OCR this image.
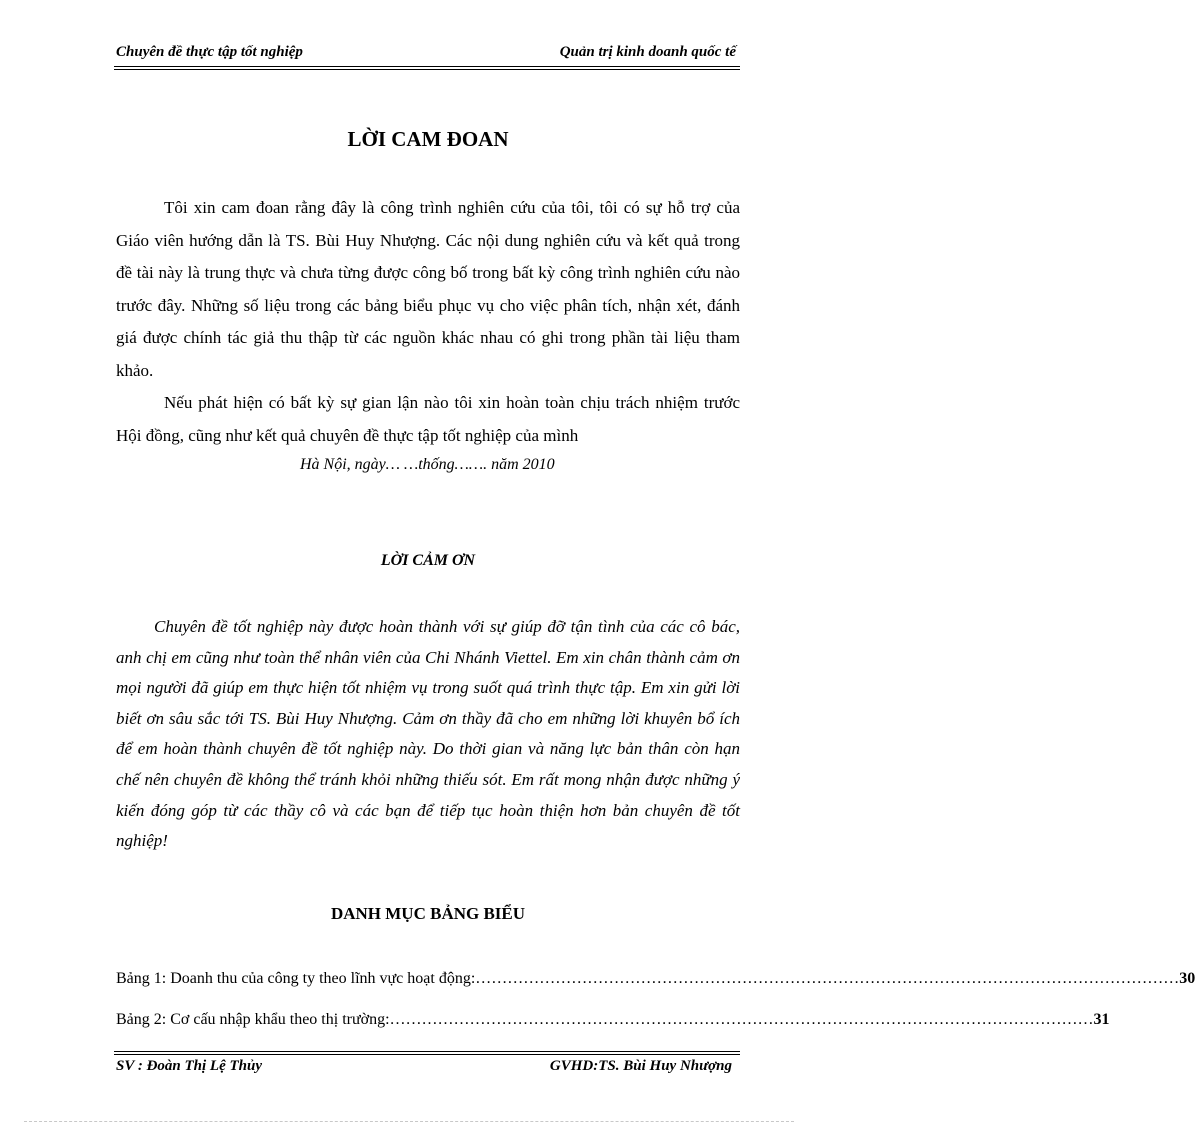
Chuyên đề thực tập tốt nghiệp	Quản trị kinh doanh quốc tế
LỜI CAM ĐOAN
Tôi xin cam đoan rằng đây là công trình nghiên cứu của tôi, tôi có sự hỗ trợ của Giáo viên hướng dẫn là TS. Bùi Huy Nhượng. Các nội dung nghiên cứu và kết quả trong đề tài này là trung thực và chưa từng được công bố trong bất kỳ công trình nghiên cứu nào trước đây. Những số liệu trong các bảng biểu phục vụ cho việc phân tích, nhận xét, đánh giá được chính tác giả thu thập từ các nguồn khác nhau có ghi trong phần tài liệu tham khảo.
Nếu phát hiện có bất kỳ sự gian lận nào tôi xin hoàn toàn chịu trách nhiệm trước Hội đồng, cũng như kết quả chuyên đề thực tập tốt nghiệp của mình
Hà Nội, ngày… …thống……. năm 2010
LỜI CẢM ƠN
Chuyên đề tốt nghiệp này được hoàn thành với sự giúp đỡ tận tình của các cô bác, anh chị em cũng như toàn thể nhân viên của Chi Nhánh Viettel. Em xin chân thành cảm ơn mọi người đã giúp em thực hiện tốt nhiệm vụ trong suốt quá trình thực tập. Em xin gửi lời biết ơn sâu sắc tới TS. Bùi Huy Nhượng. Cảm ơn thầy đã cho em những lời khuyên bổ ích để em hoàn thành chuyên đề tốt nghiệp này. Do thời gian và năng lực bản thân còn hạn chế nên chuyên đề không thể tránh khỏi những thiếu sót. Em rất mong nhận được những ý kiến đóng góp từ các thầy cô và các bạn để tiếp tục hoàn thiện hơn bản chuyên đề tốt nghiệp!
DANH MỤC BẢNG BIỂU
Bảng 1: Doanh thu của công ty theo lĩnh vực hoạt động: …………………………………………………………………………………………………………………… 30
Bảng 2: Cơ cấu nhập khẩu theo thị trường: …………………………………………………………………………………………………………………… 31
SV : Đoàn Thị Lệ Thủy	GVHD:TS. Bùi Huy Nhượng
